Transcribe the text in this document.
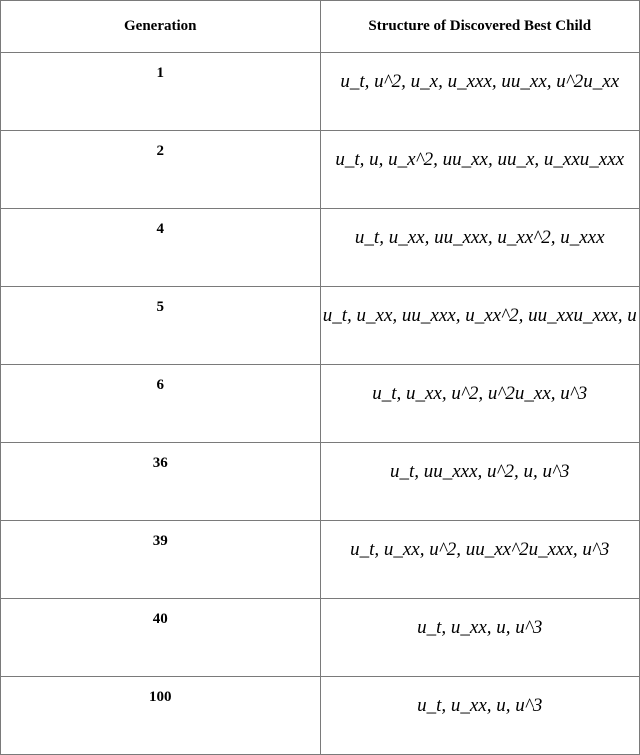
Generation	Structure of Discovered Best Child
1	u_t, u^2, u_x, u_xxx, uu_xx, u^2u_xx
2	u_t, u, u_x^2, uu_xx, uu_x, u_xxu_xxx
4	u_t, u_xx, uu_xxx, u_xx^2, u_xxx
5	u_t, u_xx, uu_xxx, u_xx^2, uu_xxu_xxx, u
6	u_t, u_xx, u^2, u^2u_xx, u^3
36	u_t, uu_xxx, u^2, u, u^3
39	u_t, u_xx, u^2, uu_xx^2u_xxx, u^3
40	u_t, u_xx, u, u^3
100	u_t, u_xx, u, u^3
